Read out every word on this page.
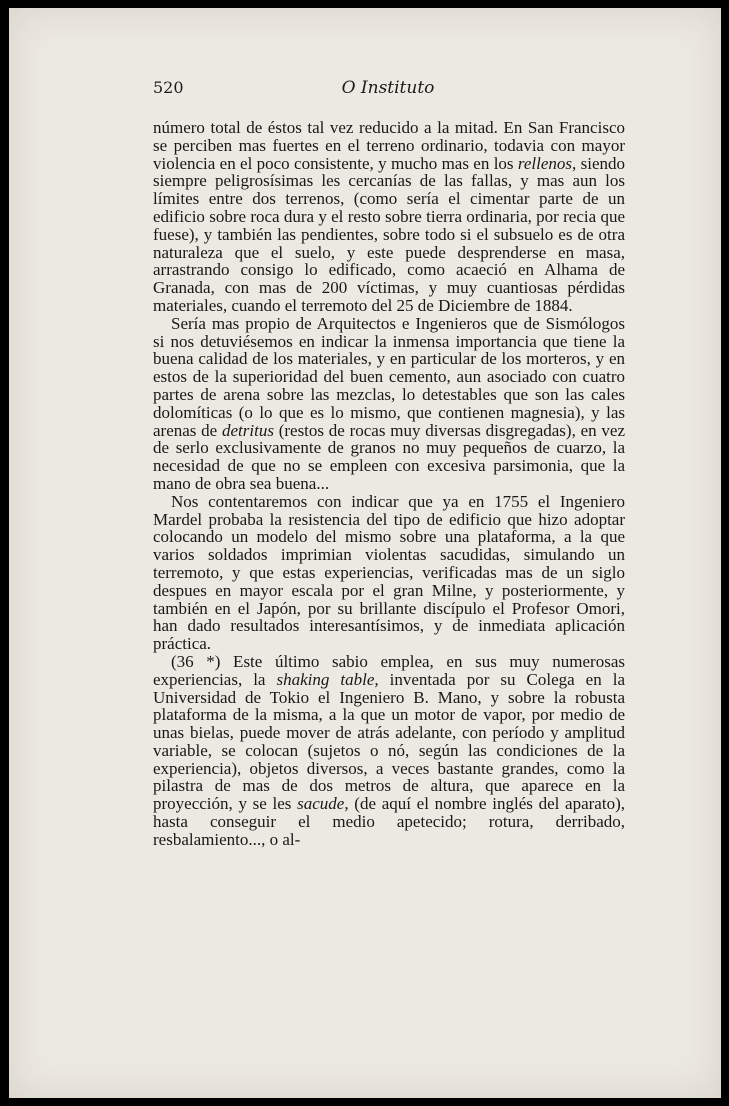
520	O Instituto

número total de éstos tal vez reducido a la mitad. En San Francisco se perciben mas fuertes en el terreno ordinario, todavia con mayor violencia en el poco consistente, y mucho mas en los rellenos, siendo siempre peligrosísimas les cercanías de las fallas, y mas aun los límites entre dos terrenos, (como sería el cimentar parte de un edificio sobre roca dura y el resto sobre tierra ordinaria, por recia que fuese), y también las pendientes, sobre todo si el subsuelo es de otra naturaleza que el suelo, y este puede desprenderse en masa, arrastrando consigo lo edificado, como acaeció en Alhama de Granada, con mas de 200 víctimas, y muy cuantiosas pérdidas materiales, cuando el terremoto del 25 de Diciembre de 1884.

Sería mas propio de Arquitectos e Ingenieros que de Sismólogos si nos detuviésemos en indicar la inmensa importancia que tiene la buena calidad de los materiales, y en particular de los morteros, y en estos de la superioridad del buen cemento, aun asociado con cuatro partes de arena sobre las mezclas, lo detestables que son las cales dolomíticas (o lo que es lo mismo, que contienen magnesia), y las arenas de detritus (restos de rocas muy diversas disgregadas), en vez de serlo exclusivamente de granos no muy pequeños de cuarzo, la necesidad de que no se empleen con excesiva parsimonia, que la mano de obra sea buena...

Nos contentaremos con indicar que ya en 1755 el Ingeniero Mardel probaba la resistencia del tipo de edificio que hizo adoptar colocando un modelo del mismo sobre una plataforma, a la que varios soldados imprimian violentas sacudidas, simulando un terremoto, y que estas experiencias, verificadas mas de un siglo despues en mayor escala por el gran Milne, y posteriormente, y también en el Japón, por su brillante discípulo el Profesor Omori, han dado resultados interesantísimos, y de inmediata aplicación práctica.

(36 *) Este último sabio emplea, en sus muy numerosas experiencias, la shaking table, inventada por su Colega en la Universidad de Tokio el Ingeniero B. Mano, y sobre la robusta plataforma de la misma, a la que un motor de vapor, por medio de unas bielas, puede mover de atrás adelante, con período y amplitud variable, se colocan (sujetos o nó, según las condiciones de la experiencia), objetos diversos, a veces bastante grandes, como la pilastra de mas de dos metros de altura, que aparece en la proyección, y se les sacude, (de aquí el nombre inglés del aparato), hasta conseguir el medio apetecido; rotura, derribado, resbalamiento..., o al-
